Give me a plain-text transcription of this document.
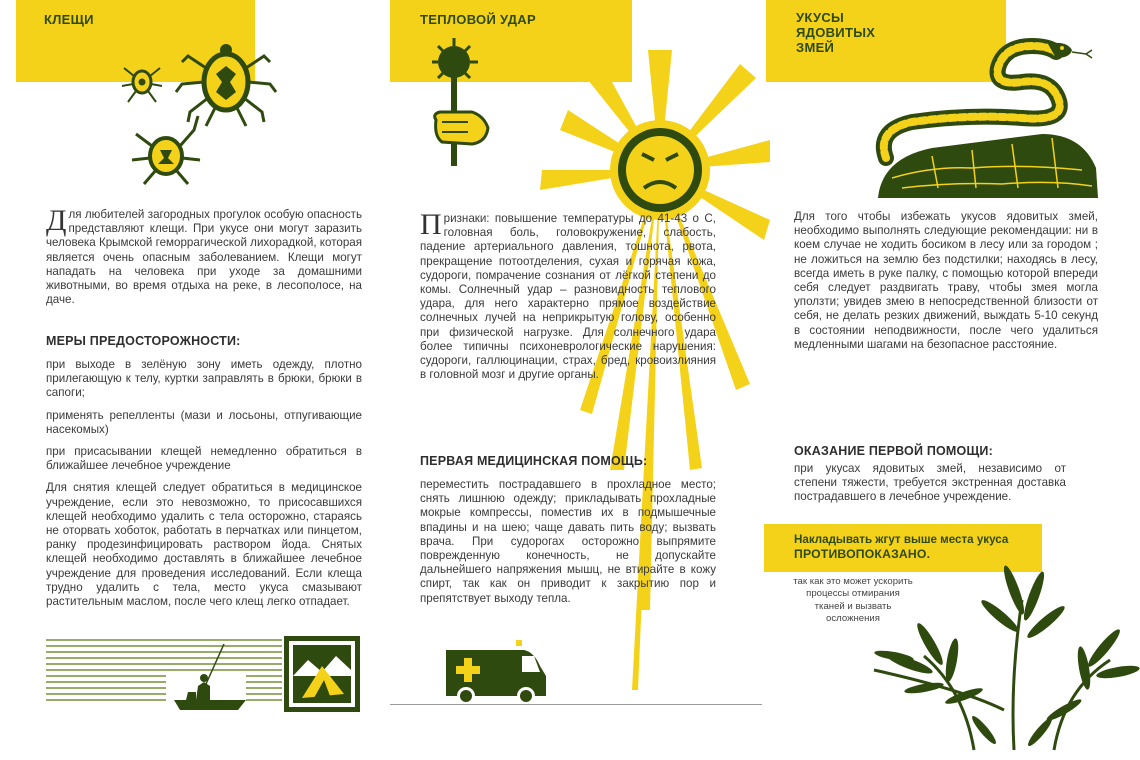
КЛЕЩИ
Для любителей загородных прогулок особую опасность представляют клещи. При укусе они могут заразить человека Крымской геморрагической лихорадкой, которая является очень опасным заболеванием. Клещи могут нападать на человека при уходе за домашними животными, во время отдыха на реке, в лесополосе, на даче.
МЕРЫ ПРЕДОСТОРОЖНОСТИ:

при выходе в зелёную зону иметь одежду, плотно прилегающую к телу, куртки заправлять в брюки, брюки в сапоги;

применять репелленты (мази и лосьоны, отпугивающие насекомых)

при присасывании клещей немедленно обратиться в ближайшее лечебное учреждение

Для снятия клещей следует обратиться в медицинское учреждение, если это невозможно, то присосавшихся клещей необходимо удалить с тела осторожно, стараясь не оторвать хоботок, работать в перчатках или пинцетом, ранку продезинфицировать раствором йода. Снятых клещей необходимо доставлять в ближайшее лечебное учреждение для проведения исследований. Если клеща трудно удалить с тела, место укуса смазывают растительным маслом, после чего клещ легко отпадает.

ТЕПЛОВОЙ УДАР
Признаки: повышение температуры до 41-43 о С, головная боль, головокружение, слабость, падение артериального давления, тошнота, рвота, прекращение потоотделения, сухая и горячая кожа, судороги, помрачение сознания от лёгкой степени до комы. Солнечный удар – разновидность теплового удара, для него характерно прямое воздействие солнечных лучей на неприкрытую голову, особенно при физической нагрузке. Для солнечного удара более типичны психоневрологические нарушения: судороги, галлюцинации, страх, бред, кровоизлияния в головной мозг и другие органы.
ПЕРВАЯ МЕДИЦИНСКАЯ ПОМОЩЬ:
переместить пострадавшего в прохладное место; снять лишнюю одежду; прикладывать прохладные мокрые компрессы, поместив их в подмышечные впадины и на шею; чаще давать пить воду; вызвать врача. При судорогах осторожно выпрямите поврежденную конечность, не допускайте дальнейшего напряжения мышц, не втирайте в кожу спирт, так как он приводит к закрытию пор и препятствует выходу тепла.
УКУСЫ
ЯДОВИТЫХ
ЗМЕЙ
Для того чтобы избежать укусов ядовитых змей, необходимо выполнять следующие рекомендации: ни в коем случае не ходить босиком в лесу или за городом ; не ложиться на землю без подстилки; находясь в лесу, всегда иметь в руке палку, с помощью которой впереди себя следует раздвигать траву, чтобы змея могла уползти; увидев змею в непосредственной близости от себя, не делать резких движений, выждать 5-10 секунд в состоянии неподвижности, после чего удалиться медленными шагами на безопасное расстояние.
ОКАЗАНИЕ ПЕРВОЙ ПОМОЩИ:
при укусах ядовитых змей, независимо от степени тяжести, требуется экстренная доставка пострадавшего в лечебное учреждение.
Накладывать жгут выше места укуса
ПРОТИВОПОКАЗАНО.
так как это может ускорить процессы отмирания тканей и вызвать осложнения
